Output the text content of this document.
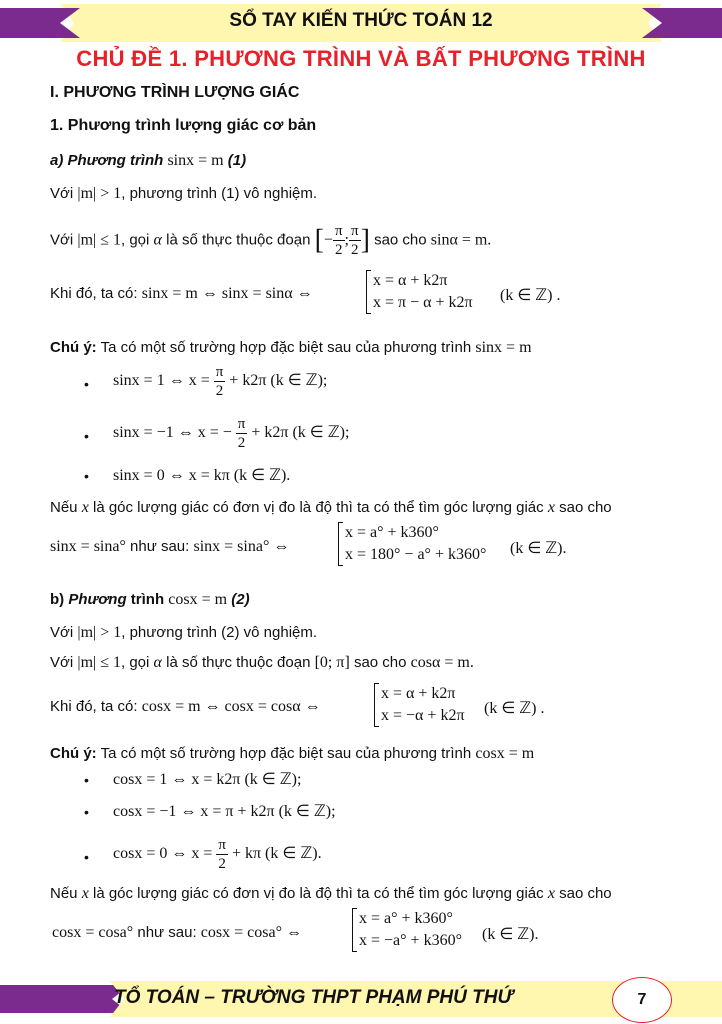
SỔ TAY KIẾN THỨC TOÁN 12
CHỦ ĐỀ 1. PHƯƠNG TRÌNH VÀ BẤT PHƯƠNG TRÌNH
I. PHƯƠNG TRÌNH LƯỢNG GIÁC
1. Phương trình lượng giác cơ bản
a) Phương trình sinx = m (1)
Với |m| > 1, phương trình (1) vô nghiệm.
Với |m| ≤ 1, gọi α là số thực thuộc đoạn [− $\frac{\pi}{2}$ ; $\frac{\pi}{2}$ ] sao cho sinα = m.
Khi đó, ta có: sinx = m ⇔ sinx = sinα ⇔
x = α + k2π
x = π − α + k2π (k ∈ ℤ) .
Chú ý: Ta có một số trường hợp đặc biệt sau của phương trình sinx = m
• sinx = 1 ⇔ $x = \frac{\pi}{2} + k2\pi$ (k ∈ ℤ);
• sinx = −1 ⇔ x = − $\frac{\pi}{2} + k2\pi$ (k ∈ ℤ);
• sinx = 0 ⇔ x = kπ (k ∈ ℤ).
Nếu x là góc lượng giác có đơn vị đo là độ thì ta có thể tìm góc lượng giác x sao cho
sinx = sina° như sau: sinx = sina° ⇔
x = a° + k360°
x = 180° − a° + k360° (k ∈ ℤ).
b) Phương trình cosx = m (2)
Với |m| > 1, phương trình (2) vô nghiệm.
Với |m| ≤ 1, gọi α là số thực thuộc đoạn [0; π] sao cho cosα = m.
Khi đó, ta có: cosx = m ⇔ cosx = cosα ⇔
x = α + k2π
x = −α + k2π (k ∈ ℤ) .
Chú ý: Ta có một số trường hợp đặc biệt sau của phương trình cosx = m
• cosx = 1 ⇔ x = k2π (k ∈ ℤ);
• cosx = −1 ⇔ x = π + k2π (k ∈ ℤ);
• cosx = 0 ⇔ $x = \frac{\pi}{2} + k\pi$ (k ∈ ℤ).
Nếu x là góc lượng giác có đơn vị đo là độ thì ta có thể tìm góc lượng giác x sao cho
cosx = cosa° như sau: cosx = cosa° ⇔
x = a° + k360°
x = −a° + k360° (k ∈ ℤ).
TỔ TOÁN – TRƯỜNG THPT PHẠM PHÚ THỨ	7
